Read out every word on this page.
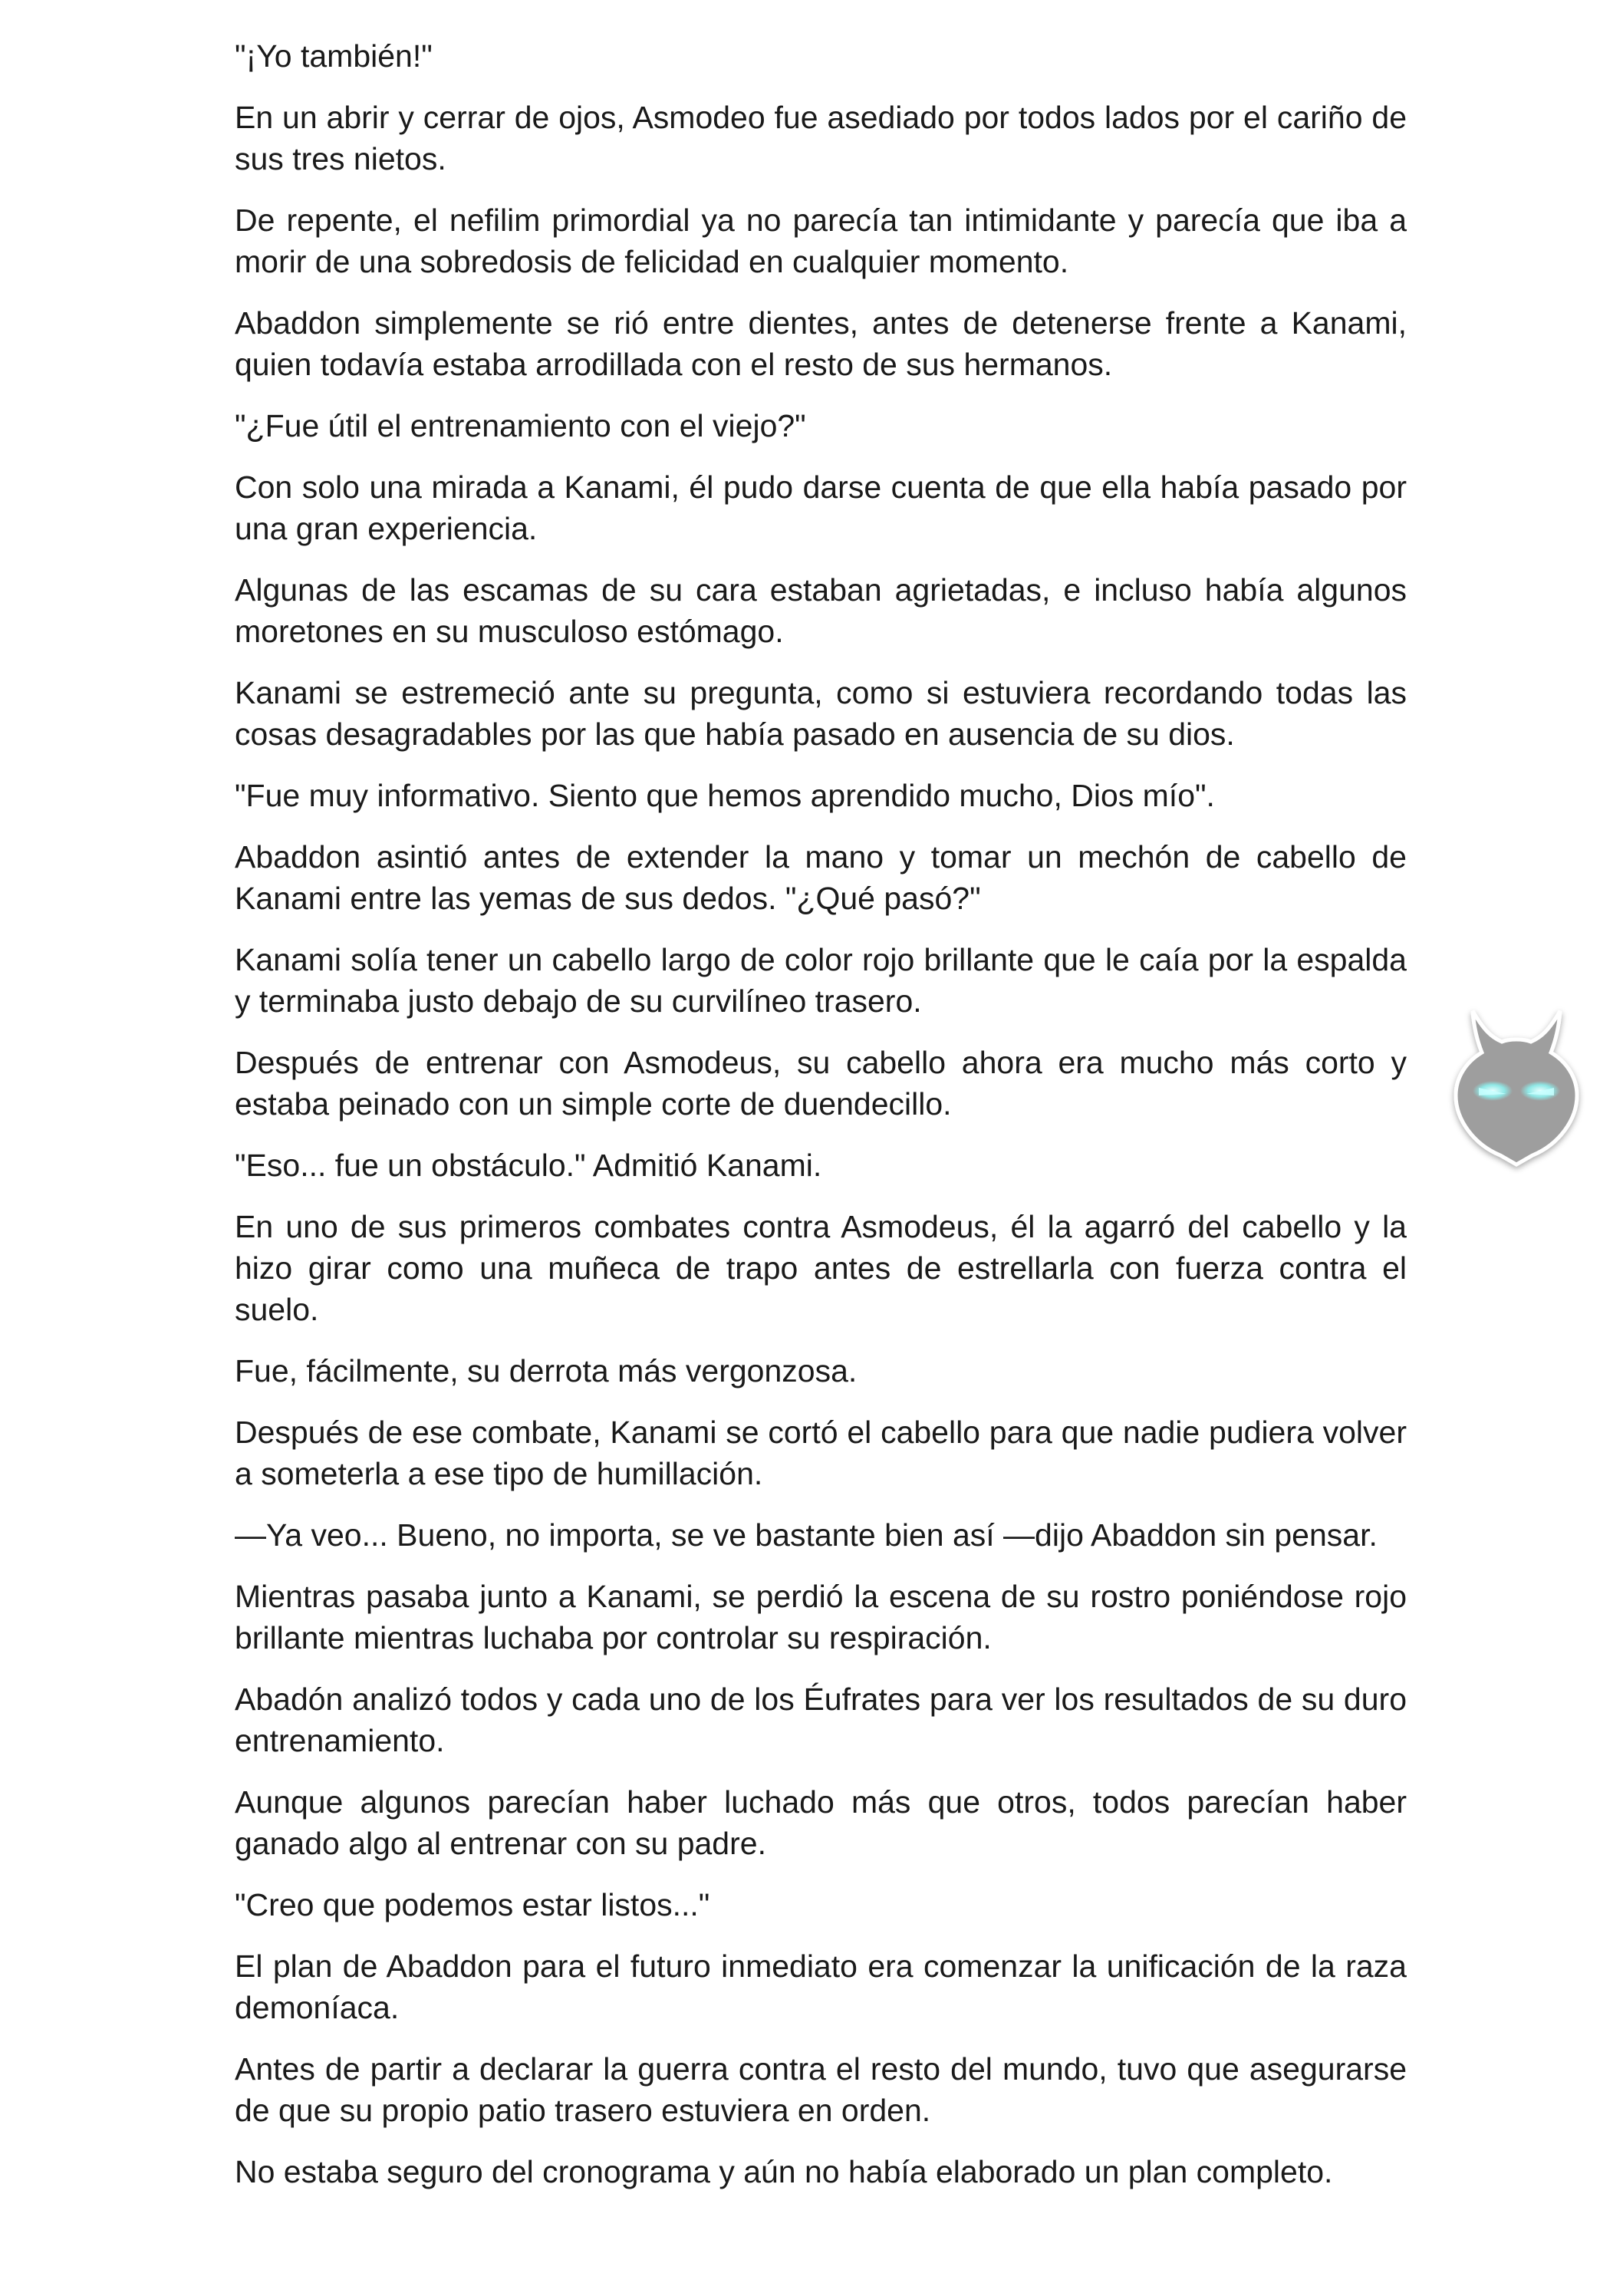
"¡Yo también!"

En un abrir y cerrar de ojos, Asmodeo fue asediado por todos lados por el cariño de sus tres nietos.

De repente, el nefilim primordial ya no parecía tan intimidante y parecía que iba a morir de una sobredosis de felicidad en cualquier momento.

Abaddon simplemente se rió entre dientes, antes de detenerse frente a Kanami, quien todavía estaba arrodillada con el resto de sus hermanos.

"¿Fue útil el entrenamiento con el viejo?"

Con solo una mirada a Kanami, él pudo darse cuenta de que ella había pasado por una gran experiencia.

Algunas de las escamas de su cara estaban agrietadas, e incluso había algunos moretones en su musculoso estómago.

Kanami se estremeció ante su pregunta, como si estuviera recordando todas las cosas desagradables por las que había pasado en ausencia de su dios.

"Fue muy informativo. Siento que hemos aprendido mucho, Dios mío".

Abaddon asintió antes de extender la mano y tomar un mechón de cabello de Kanami entre las yemas de sus dedos. "¿Qué pasó?"

Kanami solía tener un cabello largo de color rojo brillante que le caía por la espalda y terminaba justo debajo de su curvilíneo trasero.

Después de entrenar con Asmodeus, su cabello ahora era mucho más corto y estaba peinado con un simple corte de duendecillo.

"Eso... fue un obstáculo." Admitió Kanami.

En uno de sus primeros combates contra Asmodeus, él la agarró del cabello y la hizo girar como una muñeca de trapo antes de estrellarla con fuerza contra el suelo.

Fue, fácilmente, su derrota más vergonzosa.

Después de ese combate, Kanami se cortó el cabello para que nadie pudiera volver a someterla a ese tipo de humillación.

—Ya veo... Bueno, no importa, se ve bastante bien así —dijo Abaddon sin pensar.

Mientras pasaba junto a Kanami, se perdió la escena de su rostro poniéndose rojo brillante mientras luchaba por controlar su respiración.

Abadón analizó todos y cada uno de los Éufrates para ver los resultados de su duro entrenamiento.

Aunque algunos parecían haber luchado más que otros, todos parecían haber ganado algo al entrenar con su padre.

"Creo que podemos estar listos..."

El plan de Abaddon para el futuro inmediato era comenzar la unificación de la raza demoníaca.

Antes de partir a declarar la guerra contra el resto del mundo, tuvo que asegurarse de que su propio patio trasero estuviera en orden.

No estaba seguro del cronograma y aún no había elaborado un plan completo.
